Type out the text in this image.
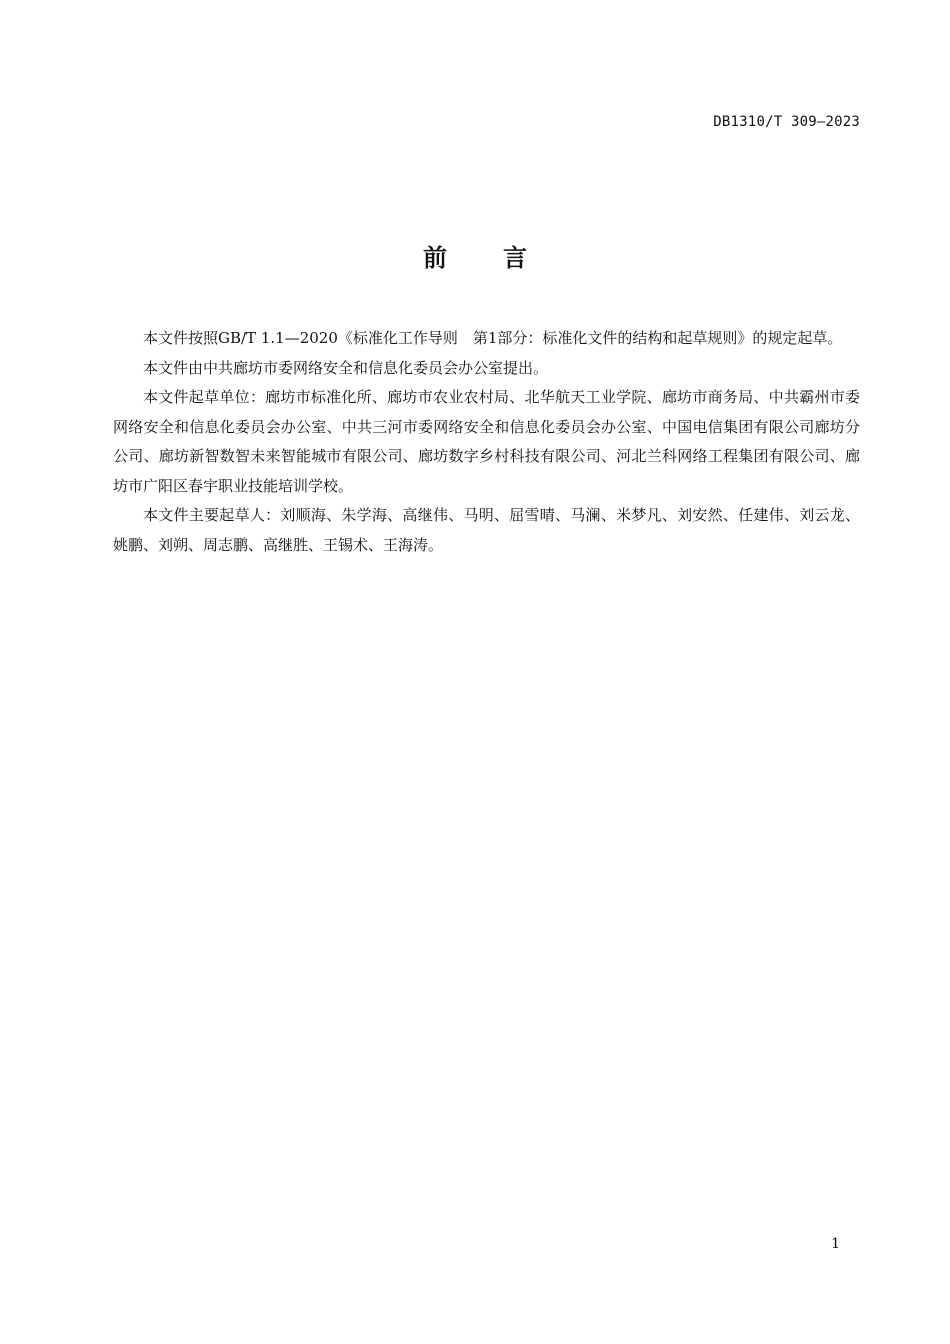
DB1310/T 309—2023
前 言

本文件按照GB/T 1.1—2020《标准化工作导则　第1部分：标准化文件的结构和起草规则》的规定起草。

本文件由中共廊坊市委网络安全和信息化委员会办公室提出。

本文件起草单位：廊坊市标准化所、廊坊市农业农村局、北华航天工业学院、廊坊市商务局、中共霸州市委网络安全和信息化委员会办公室、中共三河市委网络安全和信息化委员会办公室、中国电信集团有限公司廊坊分公司、廊坊新智数智未来智能城市有限公司、廊坊数字乡村科技有限公司、河北兰科网络工程集团有限公司、廊坊市广阳区春宇职业技能培训学校。

本文件主要起草人：刘顺海、朱学海、高继伟、马明、屈雪晴、马澜、米梦凡、刘安然、任建伟、刘云龙、姚鹏、刘朔、周志鹏、高继胜、王锡术、王海涛。

1
